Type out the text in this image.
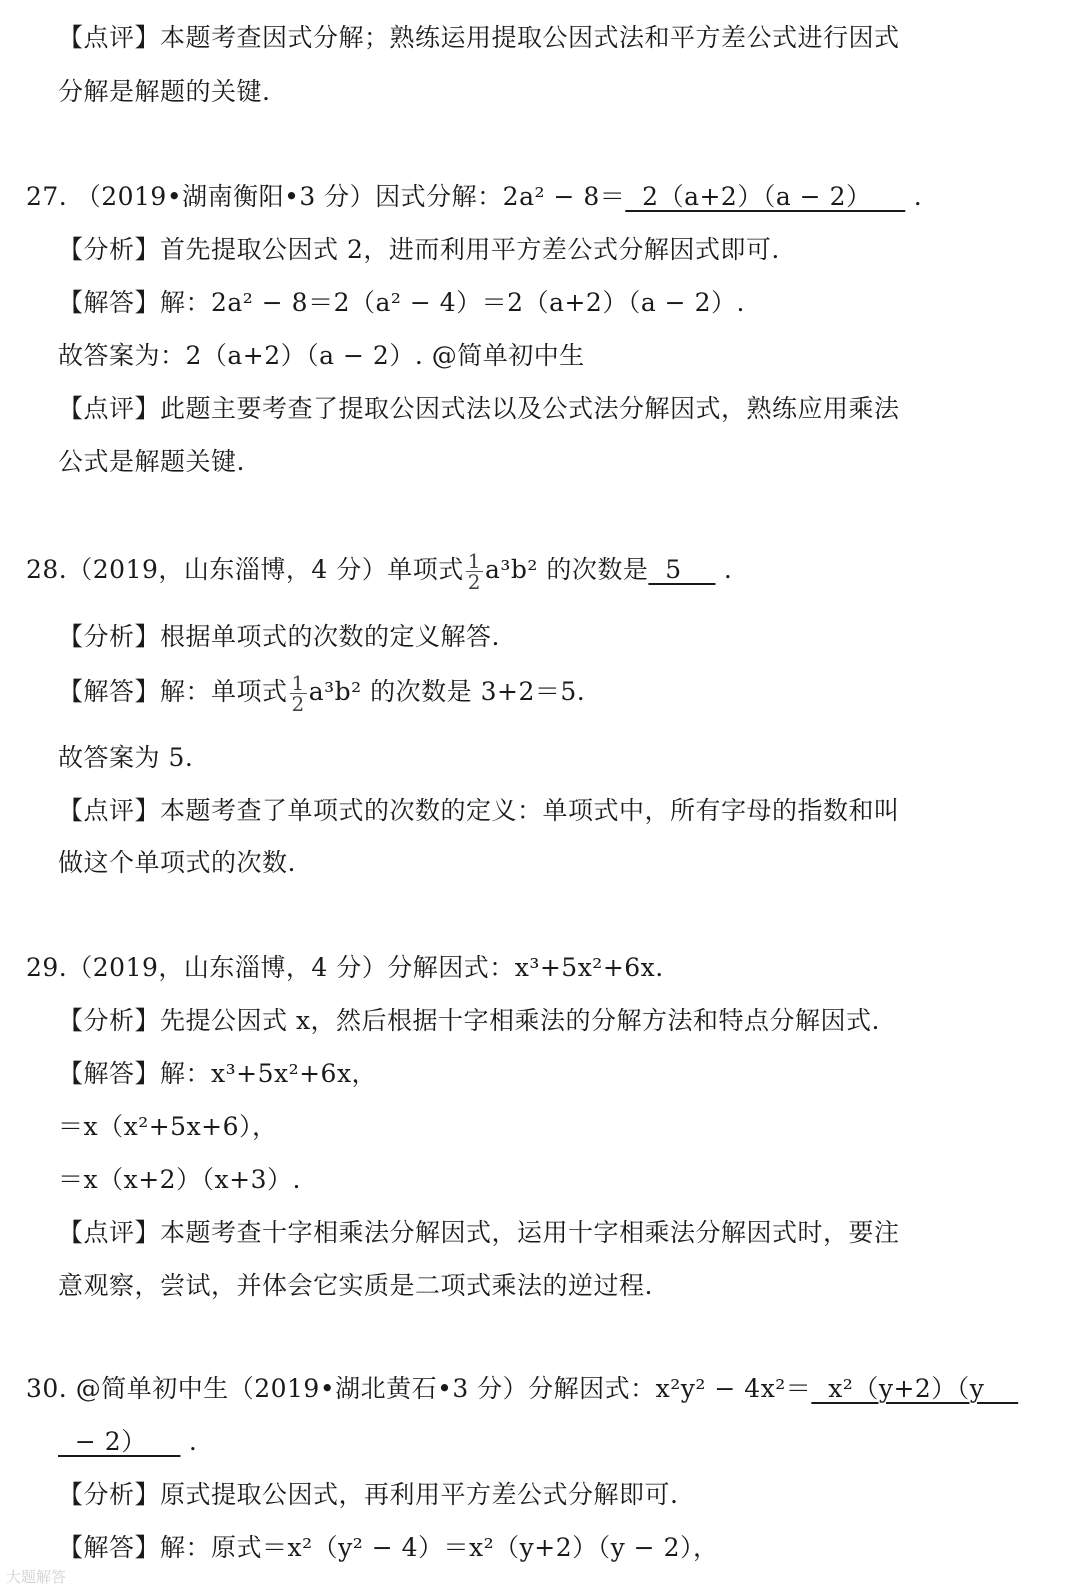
【点评】本题考查因式分解；熟练运用提取公因式法和平方差公式进行因式
分解是解题的关键.
27. （2019•湖南衡阳•3 分）因式分解：2a² − 8＝  2（a+2）（a − 2）     .
【分析】首先提取公因式 2，进而利用平方差公式分解因式即可.
【解答】解：2a² − 8＝2（a² − 4）＝2（a+2）（a − 2）.
故答案为：2（a+2）（a − 2）. @简单初中生
【点评】此题主要考查了提取公因式法以及公式法分解因式，熟练应用乘法
公式是解题关键.
28.（2019，山东淄博，4 分）单项式 $\frac{1}{2} a^3b^2$ 的次数是  5     .
【分析】根据单项式的次数的定义解答.
【解答】解：单项式 $\frac{1}{2} a^3b^2$ 的次数是 3+2＝5.
故答案为 5.
【点评】本题考查了单项式的次数的定义：单项式中，所有字母的指数和叫
做这个单项式的次数.
29.（2019，山东淄博，4 分）分解因式：x³+5x²+6x.
【分析】先提公因式 x，然后根据十字相乘法的分解方法和特点分解因式.
【解答】解：x³+5x²+6x，
＝x（x²+5x+6），
＝x（x+2）（x+3）.
【点评】本题考查十字相乘法分解因式，运用十字相乘法分解因式时，要注
意观察，尝试，并体会它实质是二项式乘法的逆过程.
30. @简单初中生（2019•湖北黄石•3 分）分解因式：x²y² − 4x²＝  x²（y+2）（y
− 2）     .
【分析】原式提取公因式，再利用平方差公式分解即可.
【解答】解：原式＝x²（y² − 4）＝x²（y+2）（y − 2），
大题解答
